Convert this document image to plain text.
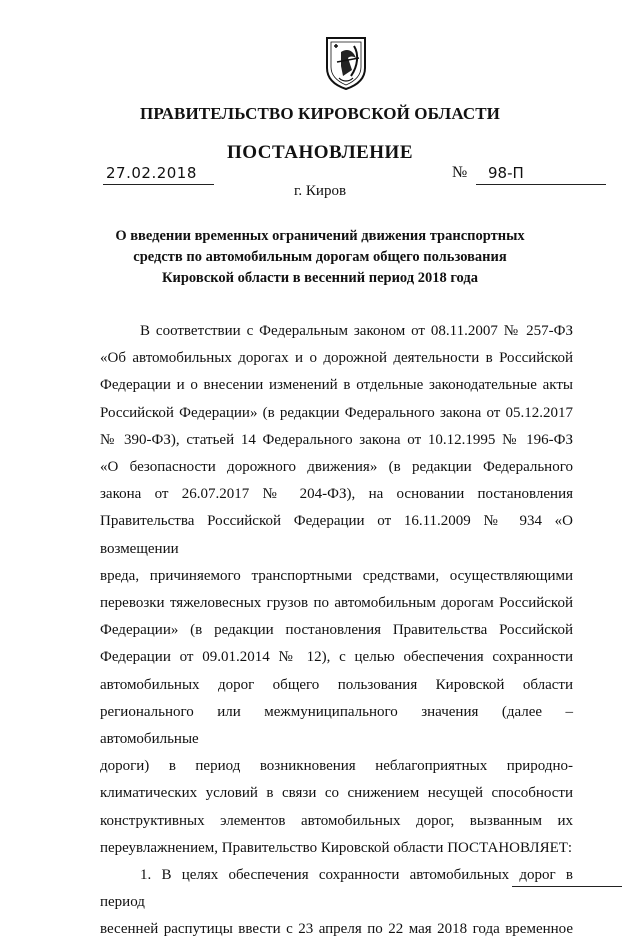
ПРАВИТЕЛЬСТВО КИРОВСКОЙ ОБЛАСТИ
ПОСТАНОВЛЕНИЕ
27.02.2018	№	98-П
г. Киров
О введении временных ограничений движения транспортных
средств по автомобильным дорогам общего пользования
Кировской области в весенний период 2018 года

В соответствии с Федеральным законом от 08.11.2007 № 257-ФЗ

«Об автомобильных дорогах и о дорожной деятельности в Российской

Федерации и о внесении изменений в отдельные законодательные акты

Российской Федерации» (в редакции Федерального закона от 05.12.2017

№ 390-ФЗ), статьей 14 Федерального закона от 10.12.1995 № 196-ФЗ

«О безопасности дорожного движения» (в редакции Федерального

закона от 26.07.2017 № 204-ФЗ), на основании постановления

Правительства Российской Федерации от 16.11.2009 № 934 «О возмещении

вреда, причиняемого транспортными средствами, осуществляющими

перевозки тяжеловесных грузов по автомобильным дорогам Российской

Федерации» (в редакции постановления Правительства Российской

Федерации от 09.01.2014 № 12), с целью обеспечения сохранности

автомобильных дорог общего пользования Кировской области

регионального или межмуниципального значения (далее – автомобильные

дороги) в период возникновения неблагоприятных природно-

климатических условий в связи со снижением несущей способности

конструктивных элементов автомобильных дорог, вызванным их

переувлажнением, Правительство Кировской области ПОСТАНОВЛЯЕТ:

1. В целях обеспечения сохранности автомобильных дорог в период

весенней распутицы ввести с 23 апреля по 22 мая 2018 года временное
